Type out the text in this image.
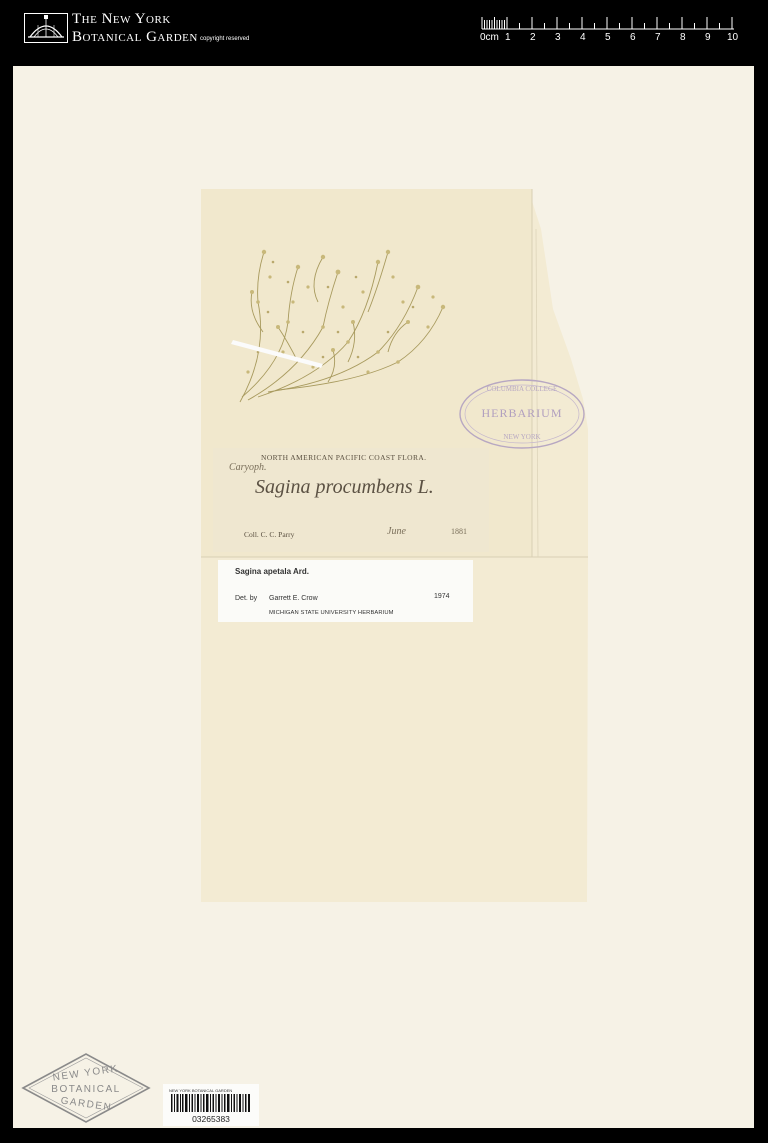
The New York
Botanical Garden copyright reserved	0cm 1 2 3 4 5 6 7 8 9 10
COLUMBIA COLLEGE
HERBARIUM
NEW YORK
NORTH AMERICAN PACIFIC COAST FLORA.
Caryoph.
Sagina procumbens L.
Coll. C. C. Parry	June	1881
Sagina apetala Ard.
Det. by Garrett E. Crow	1974
MICHIGAN STATE UNIVERSITY HERBARIUM
NEW YORK
BOTANICAL
GARDEN
NEW YORK BOTANICAL GARDEN
03265383
